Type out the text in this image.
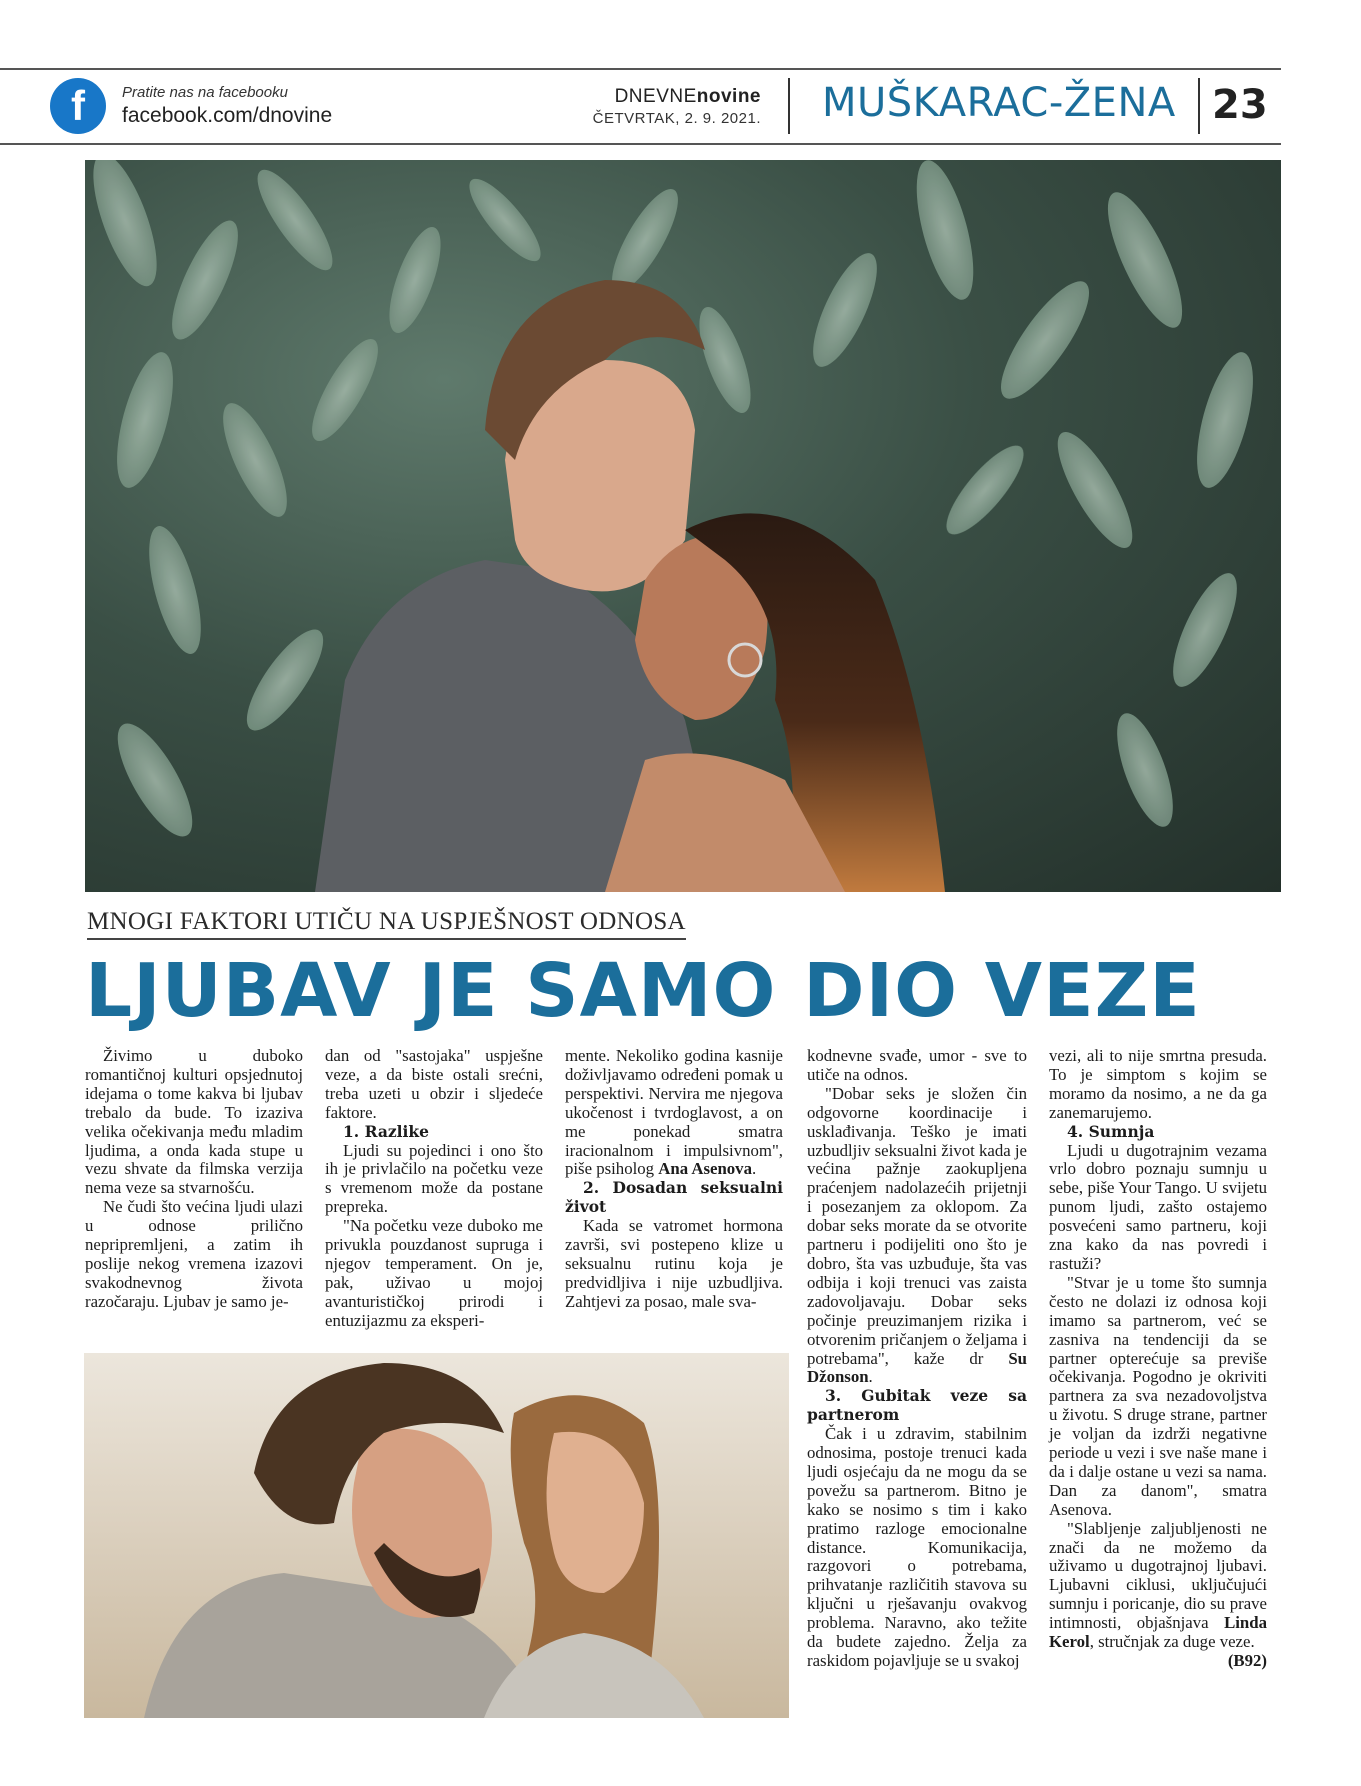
f	Pratite nas na facebooku
facebook.com/dnovine
DNEVNEnovine
ČETVRTAK, 2. 9. 2021. MUŠKARAC-ŽENA 23
MNOGI FAKTORI UTIČU NA USPJEŠNOST ODNOSA
LJUBAV JE SAMO DIO VEZE

Živimo u duboko romantičnoj kulturi opsjednutoj idejama o tome kakva bi ljubav trebalo da bude. To izaziva velika očekivanja među mladim ljudima, a onda kada stupe u vezu shvate da filmska verzija nema veze sa stvarnošću.

Ne čudi što većina ljudi ulazi u odnose prilično nepripremljeni, a zatim ih poslije nekog vremena izazovi svakodnevnog života razočaraju. Ljubav je samo je-

dan od "sastojaka" uspješne veze, a da biste ostali srećni, treba uzeti u obzir i sljedeće faktore.

1. Razlike

Ljudi su pojedinci i ono što ih je privlačilo na početku veze s vremenom može da postane prepreka.

"Na početku veze duboko me privukla pouzdanost supruga i njegov temperament. On je, pak, uživao u mojoj avanturističkoj prirodi i entuzijazmu za eksperi-

mente. Nekoliko godina kasnije doživljavamo određeni pomak u perspektivi. Nervira me njegova ukočenost i tvrdoglavost, a on me ponekad smatra iracionalnom i impulsivnom", piše psiholog Ana Asenova.

2. Dosadan seksualni život

Kada se vatromet hormona završi, svi postepeno klize u seksualnu rutinu koja je predvidljiva i nije uzbudljiva. Zahtjevi za posao, male sva-

kodnevne svađe, umor - sve to utiče na odnos.

"Dobar seks je složen čin odgovorne koordinacije i usklađivanja. Teško je imati uzbudljiv seksualni život kada je većina pažnje zaokupljena praćenjem nadolazećih prijetnji i posezanjem za oklopom. Za dobar seks morate da se otvorite partneru i podijeliti ono što je dobro, šta vas uzbuđuje, šta vas odbija i koji trenuci vas zaista zadovoljavaju. Dobar seks počinje preuzimanjem rizika i otvorenim pričanjem o željama i potrebama", kaže dr Su Džonson.

3. Gubitak veze sa partnerom

Čak i u zdravim, stabilnim odnosima, postoje trenuci kada ljudi osjećaju da ne mogu da se povežu sa partnerom. Bitno je kako se nosimo s tim i kako pratimo razloge emocionalne distance. Komunikacija, razgovori o potrebama, prihvatanje različitih stavova su ključni u rješavanju ovakvog problema. Naravno, ako težite da budete zajedno. Želja za raskidom pojavljuje se u svakoj

vezi, ali to nije smrtna presuda. To je simptom s kojim se moramo da nosimo, a ne da ga zanemarujemo.

4. Sumnja

Ljudi u dugotrajnim vezama vrlo dobro poznaju sumnju u sebe, piše Your Tango. U svijetu punom ljudi, zašto ostajemo posvećeni samo partneru, koji zna kako da nas povredi i rastuži?

"Stvar je u tome što sumnja često ne dolazi iz odnosa koji imamo sa partnerom, već se zasniva na tendenciji da se partner opterećuje sa previše očekivanja. Pogodno je okriviti partnera za sva nezadovoljstva u životu. S druge strane, partner je voljan da izdrži negativne periode u vezi i sve naše mane i da i dalje ostane u vezi sa nama. Dan za danom", smatra Asenova.

"Slabljenje zaljubljenosti ne znači da ne možemo da uživamo u dugotrajnoj ljubavi. Ljubavni ciklusi, uključujući sumnju i poricanje, dio su prave intimnosti, objašnjava Linda Kerol, stručnjak za duge veze.

(B92)
